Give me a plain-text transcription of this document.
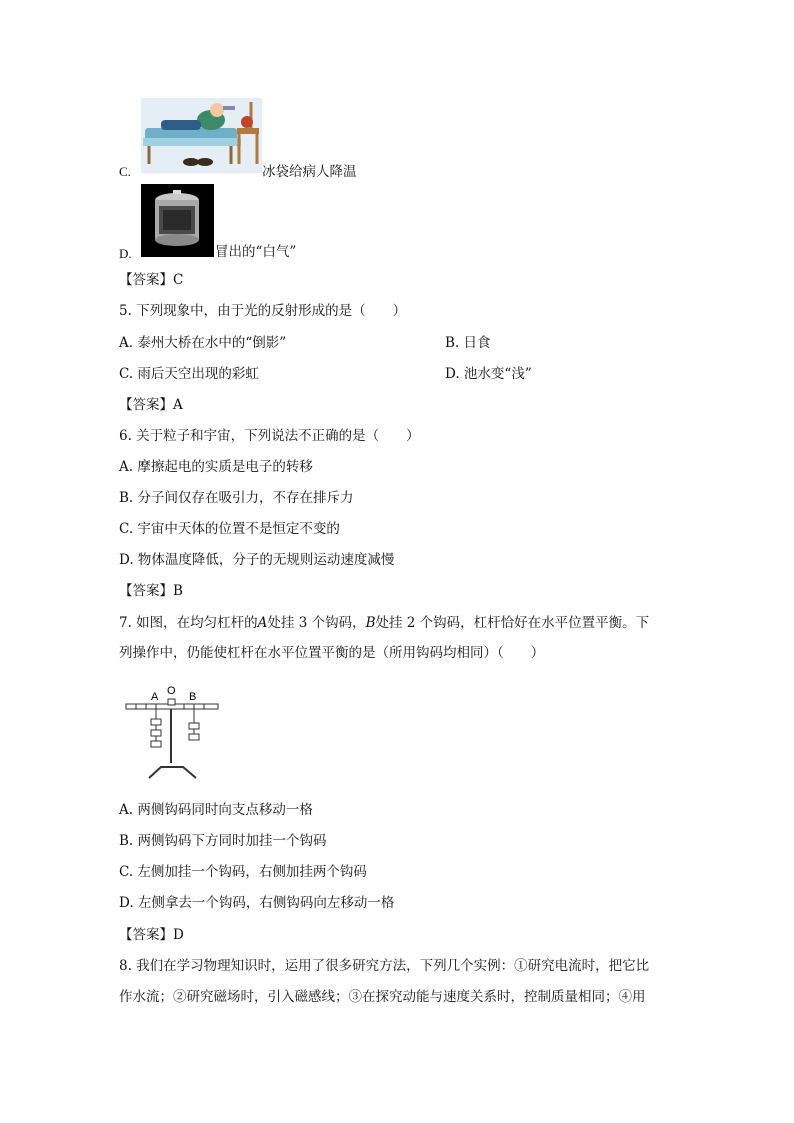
C.	冰袋给病人降温
D.	冒出的“白气”
【答案】C
5. 下列现象中，由于光的反射形成的是（　　）
A. 泰州大桥在水中的“倒影”	B. 日食
C. 雨后天空出现的彩虹	D. 池水变“浅”
【答案】A
6. 关于粒子和宇宙，下列说法不正确的是（　　）
A. 摩擦起电的实质是电子的转移
B. 分子间仅存在吸引力，不存在排斥力
C. 宇宙中天体的位置不是恒定不变的
D. 物体温度降低，分子的无规则运动速度减慢
【答案】B
7. 如图，在均匀杠杆的A处挂 3 个钩码，B处挂 2 个钩码，杠杆恰好在水平位置平衡。下
列操作中，仍能使杠杆在水平位置平衡的是（所用钩码均相同）（　　）
A O B
A. 两侧钩码同时向支点移动一格
B. 两侧钩码下方同时加挂一个钩码
C. 左侧加挂一个钩码，右侧加挂两个钩码
D. 左侧拿去一个钩码，右侧钩码向左移动一格
【答案】D
8. 我们在学习物理知识时，运用了很多研究方法，下列几个实例：①研究电流时，把它比
作水流；②研究磁场时，引入磁感线；③在探究动能与速度关系时，控制质量相同；④用
